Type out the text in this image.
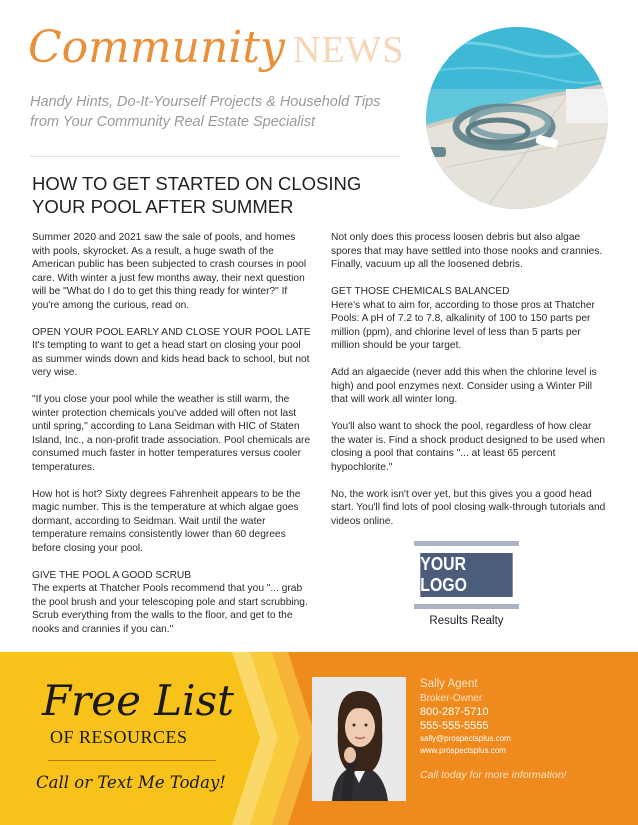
Community NEWS
Handy Hints, Do-It-Yourself Projects & Household Tips
from Your Community Real Estate Specialist
HOW TO GET STARTED ON CLOSING
YOUR POOL AFTER SUMMER

Summer 2020 and 2021 saw the sale of pools, and homes with pools, skyrocket. As a result, a huge swath of the American public has been subjected to crash courses in pool care. With winter a just few months away, their next question will be "What do I do to get this thing ready for winter?" If you're among the curious, read on.

OPEN YOUR POOL EARLY AND CLOSE YOUR POOL LATE

It's tempting to want to get a head start on closing your pool as summer winds down and kids head back to school, but not very wise.

"If you close your pool while the weather is still warm, the winter protection chemicals you've added will often not last until spring," according to Lana Seidman with HIC of Staten Island, Inc., a non-profit trade association. Pool chemicals are consumed much faster in hotter temperatures versus cooler temperatures.

How hot is hot? Sixty degrees Fahrenheit appears to be the magic number. This is the temperature at which algae goes dormant, according to Seidman. Wait until the water temperature remains consistently lower than 60 degrees before closing your pool.

GIVE THE POOL A GOOD SCRUB

The experts at Thatcher Pools recommend that you "... grab the pool brush and your telescoping pole and start scrubbing. Scrub everything from the walls to the floor, and get to the nooks and crannies if you can."

Not only does this process loosen debris but also algae spores that may have settled into those nooks and crannies. Finally, vacuum up all the loosened debris.

GET THOSE CHEMICALS BALANCED

Here's what to aim for, according to those pros at Thatcher Pools: A pH of 7.2 to 7.8, alkalinity of 100 to 150 parts per million (ppm), and chlorine level of less than 5 parts per million should be your target.

Add an algaecide (never add this when the chlorine level is high) and pool enzymes next. Consider using a Winter Pill that will work all winter long.

You'll also want to shock the pool, regardless of how clear the water is. Find a shock product designed to be used when closing a pool that contains "... at least 65 percent hypochlorite."

No, the work isn't over yet, but this gives you a good head start. You'll find lots of pool closing walk-through tutorials and videos online.

YOUR LOGO
Results Realty
Free List
OF RESOURCES
Call or Text Me Today!
Sally Agent
Broker-Owner
800-287-5710
555-555-5555
sally@prospectsplus.com
www.prospectsplus.com
Call today for more information!
